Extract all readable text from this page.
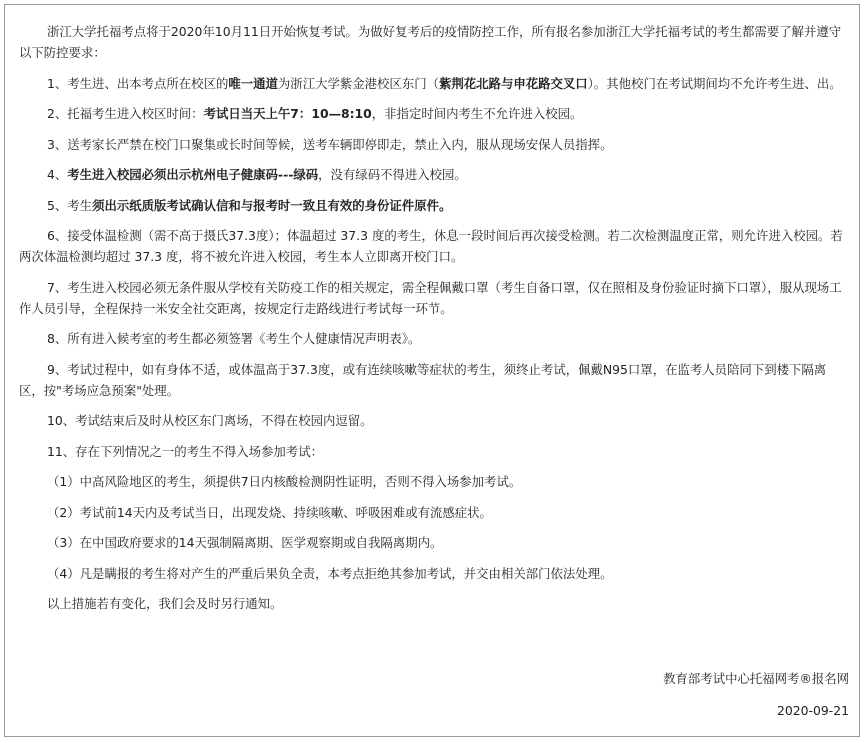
浙江大学托福考点将于2020年10月11日开始恢复考试。为做好复考后的疫情防控工作，所有报名参加浙江大学托福考试的考生都需要了解并遵守以下防控要求：

1、考生进、出本考点所在校区的唯一通道为浙江大学紫金港校区东门（紫荆花北路与申花路交叉口）。其他校门在考试期间均不允许考生进、出。

2、托福考生进入校区时间：考试日当天上午7：10—8:10，非指定时间内考生不允许进入校园。

3、送考家长严禁在校门口聚集或长时间等候，送考车辆即停即走，禁止入内，服从现场安保人员指挥。

4、考生进入校园必须出示杭州电子健康码---绿码，没有绿码不得进入校园。

5、考生须出示纸质版考试确认信和与报考时一致且有效的身份证件原件。

6、接受体温检测（需不高于摄氏37.3度）；体温超过 37.3 度的考生，休息一段时间后再次接受检测。若二次检测温度正常，则允许进入校园。若两次体温检测均超过 37.3 度，将不被允许进入校园，考生本人立即离开校门口。

7、考生进入校园必须无条件服从学校有关防疫工作的相关规定，需全程佩戴口罩（考生自备口罩，仅在照相及身份验证时摘下口罩），服从现场工作人员引导，全程保持一米安全社交距离，按规定行走路线进行考试每一环节。

8、所有进入候考室的考生都必须签署《考生个人健康情况声明表》。

9、考试过程中，如有身体不适，或体温高于37.3度，或有连续咳嗽等症状的考生，须终止考试，佩戴N95口罩，在监考人员陪同下到楼下隔离区，按"考场应急预案"处理。

10、考试结束后及时从校区东门离场，不得在校园内逗留。

11、存在下列情况之一的考生不得入场参加考试：

（1）中高风险地区的考生，须提供7日内核酸检测阴性证明，否则不得入场参加考试。

（2）考试前14天内及考试当日，出现发烧、持续咳嗽、呼吸困难或有流感症状。

（3）在中国政府要求的14天强制隔离期、医学观察期或自我隔离期内。

（4）凡是瞒报的考生将对产生的严重后果负全责，本考点拒绝其参加考试，并交由相关部门依法处理。

以上措施若有变化，我们会及时另行通知。

教育部考试中心托福网考®报名网
2020-09-21
